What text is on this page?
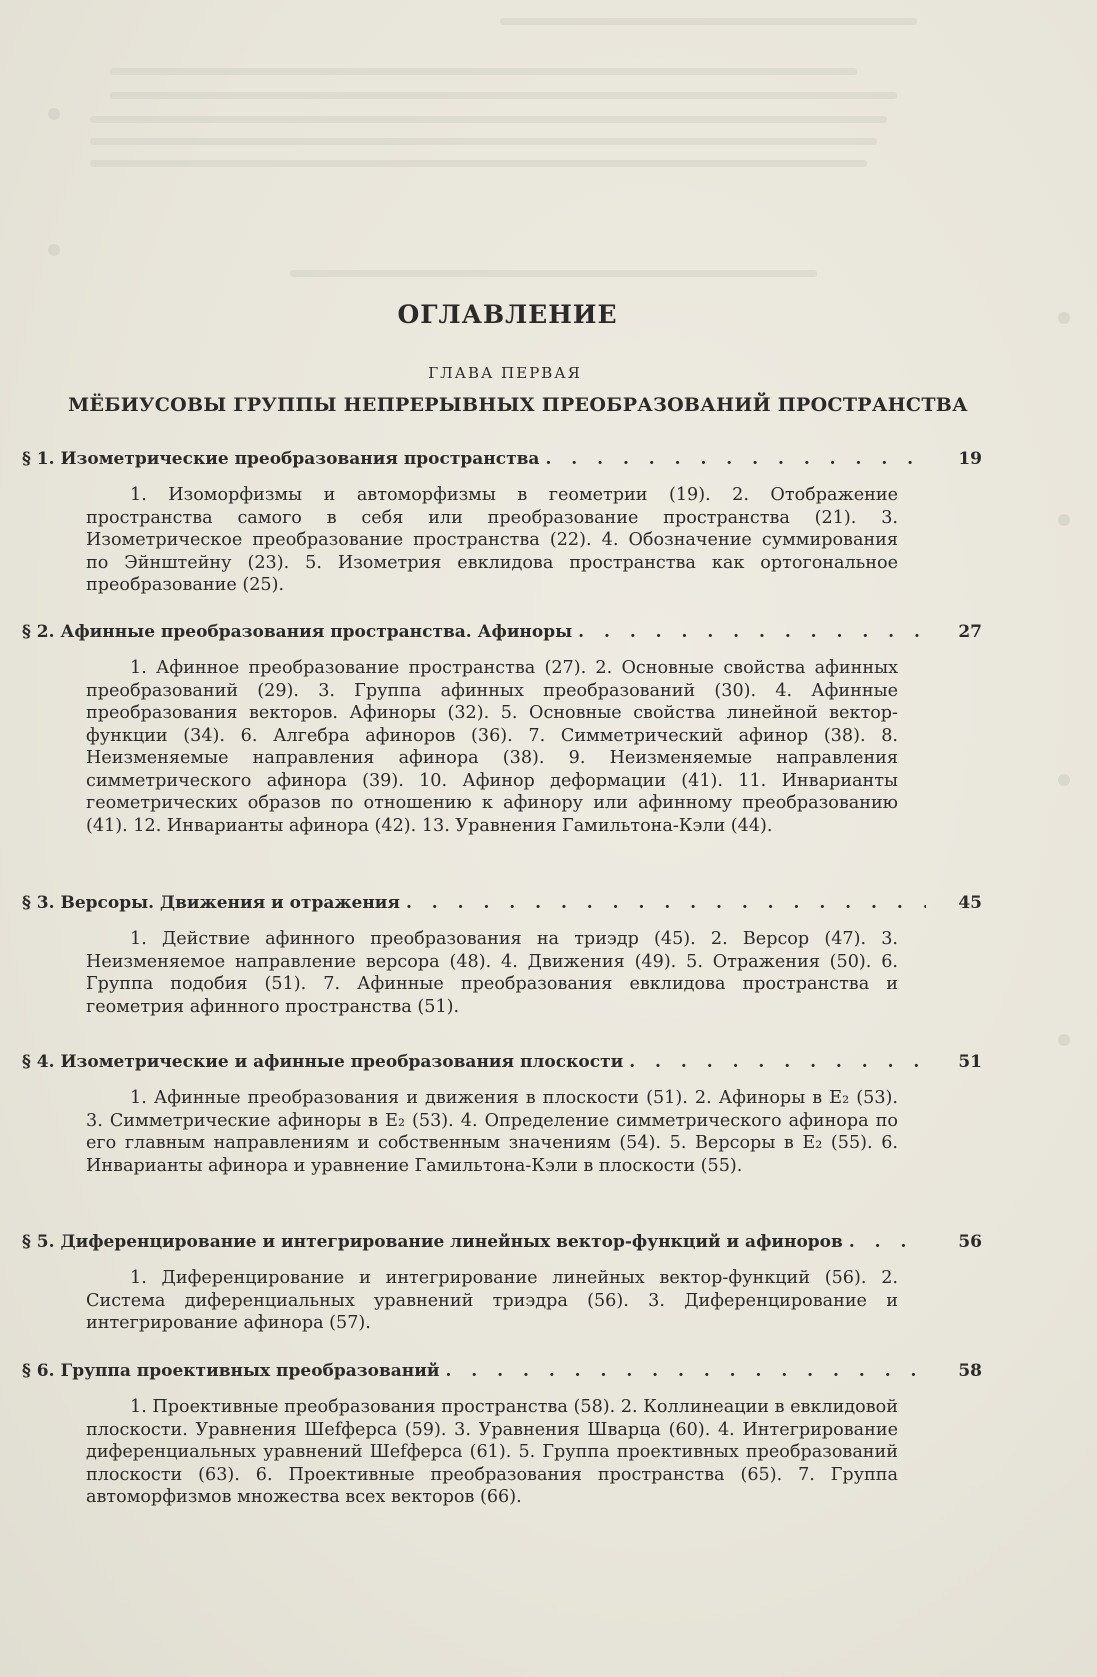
ОГЛАВЛЕНИЕ
ГЛАВА ПЕРВАЯ
МЁБИУСОВЫ ГРУППЫ НЕПРЕРЫВНЫХ ПРЕОБРАЗОВАНИЙ ПРОСТРАНСТВА
§ 1. Изометрические преобразования пространства . . .	19
1. Изоморфизмы и автоморфизмы в геометрии (19). 2. Отображение пространства самого в себя или преобразование пространства (21). 3. Изометрическое преобразование пространства (22). 4. Обозначение суммирования по Эйнштейну (23). 5. Изометрия евклидова пространства как ортогональное преобразование (25).
§ 2. Афинные преобразования пространства. Афиноры . . .	27
1. Афинное преобразование пространства (27). 2. Основные свойства афинных преобразований (29). 3. Группа афинных преобразований (30). 4. Афинные преобразования векторов. Афиноры (32). 5. Основные свойства линейной вектор-функции (34). 6. Алгебра афиноров (36). 7. Симметрический афинор (38). 8. Неизменяемые направления афинора (38). 9. Неизменяемые направления симметрического афинора (39). 10. Афинор деформации (41). 11. Инварианты геометрических образов по отношению к афинору или афинному преобразованию (41). 12. Инварианты афинора (42). 13. Уравнения Гамильтона-Кэли (44).
§ 3. Версоры. Движения и отражения . . .	45
1. Действие афинного преобразования на триэдр (45). 2. Версор (47). 3. Неизменяемое направление версора (48). 4. Движения (49). 5. Отражения (50). 6. Группа подобия (51). 7. Афинные преобразования евклидова пространства и геометрия афинного пространства (51).
§ 4. Изометрические и афинные преобразования плоскости . . .	51
1. Афинные преобразования и движения в плоскости (51). 2. Афиноры в E₂ (53). 3. Симметрические афиноры в E₂ (53). 4. Определение симметрического афинора по его главным направлениям и собственным значениям (54). 5. Версоры в E₂ (55). 6. Инварианты афинора и уравнение Гамильтона-Кэли в плоскости (55).
§ 5. Диференцирование и интегрирование линейных вектор-функций и афиноров . . .	56
1. Диференцирование и интегрирование линейных вектор-функций (56). 2. Система диференциальных уравнений триэдра (56). 3. Диференцирование и интегрирование афинора (57).
§ 6. Группа проективных преобразований . . .	58
1. Проективные преобразования пространства (58). 2. Коллинеации в евклидовой плоскости. Уравнения Шefферса (59). 3. Уравнения Шварца (60). 4. Интегрирование диференциальных уравнений Шefферса (61). 5. Группа проективных преобразований плоскости (63). 6. Проективные преобразования пространства (65). 7. Группа автоморфизмов множества всех векторов (66).
